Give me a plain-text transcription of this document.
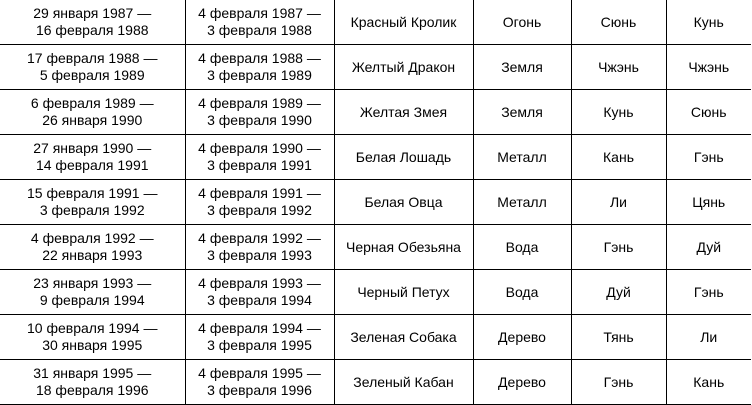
29 января 1987 —
16 февраля 1988	4 февраля 1987 —
3 февраля 1988	Красный Кролик	Огонь	Сюнь	Кунь

17 февраля 1988 —
5 февраля 1989	4 февраля 1988 —
3 февраля 1989	Желтый Дракон	Земля	Чжэнь	Чжэнь

6 февраля 1989 —
26 января 1990	4 февраля 1989 —
3 февраля 1990	Желтая Змея	Земля	Кунь	Сюнь

27 января 1990 —
14 февраля 1991	4 февраля 1990 —
3 февраля 1991	Белая Лошадь	Металл	Кань	Гэнь

15 февраля 1991 —
3 февраля 1992	4 февраля 1991 —
3 февраля 1992	Белая Овца	Металл	Ли	Цянь

4 февраля 1992 —
22 января 1993	4 февраля 1992 —
3 февраля 1993	Черная Обезьяна	Вода	Гэнь	Дуй

23 января 1993 —
9 февраля 1994	4 февраля 1993 —
3 февраля 1994	Черный Петух	Вода	Дуй	Гэнь

10 февраля 1994 —
30 января 1995	4 февраля 1994 —
3 февраля 1995	Зеленая Собака	Дерево	Тянь	Ли

31 января 1995 —
18 февраля 1996	4 февраля 1995 —
3 февраля 1996	Зеленый Кабан	Дерево	Гэнь	Кань
